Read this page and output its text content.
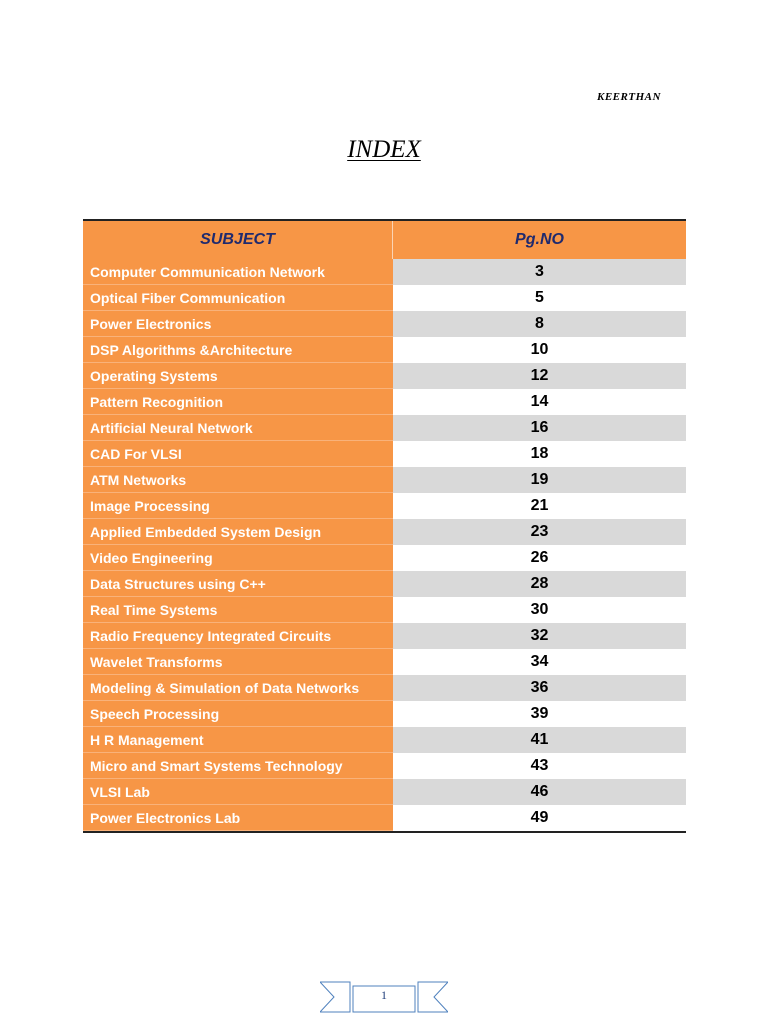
KEERTHAN
INDEX
SUBJECT	Pg.NO
Computer Communication Network	3
Optical Fiber Communication	5
Power Electronics	8
DSP Algorithms &Architecture	10
Operating Systems	12
Pattern Recognition	14
Artificial Neural Network	16
CAD For VLSI	18
ATM Networks	19
Image Processing	21
Applied Embedded System Design	23
Video Engineering	26
Data Structures using C++	28
Real Time Systems	30
Radio Frequency Integrated Circuits	32
Wavelet Transforms	34
Modeling & Simulation of Data Networks	36
Speech Processing	39
H R Management	41
Micro and Smart Systems Technology	43
VLSI Lab	46
Power Electronics Lab	49
1
